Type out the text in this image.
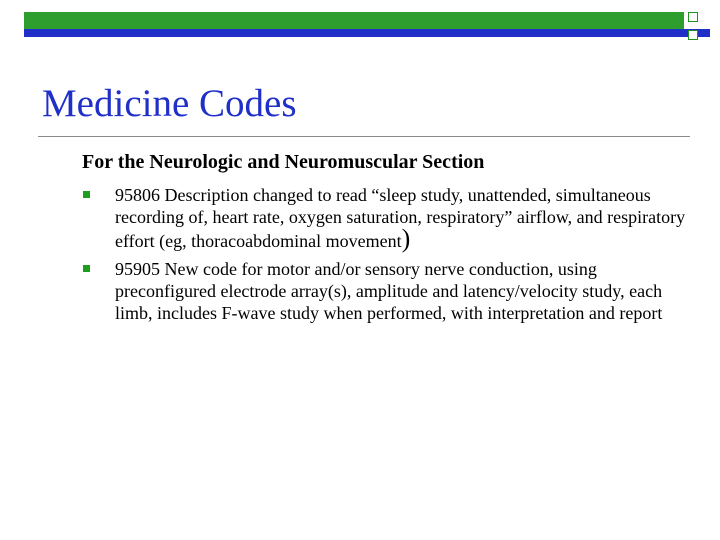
Medicine Codes
For the Neurologic and Neuromuscular Section
95806 Description changed to read “sleep study, unattended, simultaneous recording of, heart rate, oxygen saturation, respiratory” airflow, and respiratory effort (eg, thoracoabdominal movement)
95905 New code for motor and/or sensory nerve conduction, using preconfigured electrode array(s), amplitude and latency/velocity study, each limb, includes F-wave study when performed, with interpretation and report
